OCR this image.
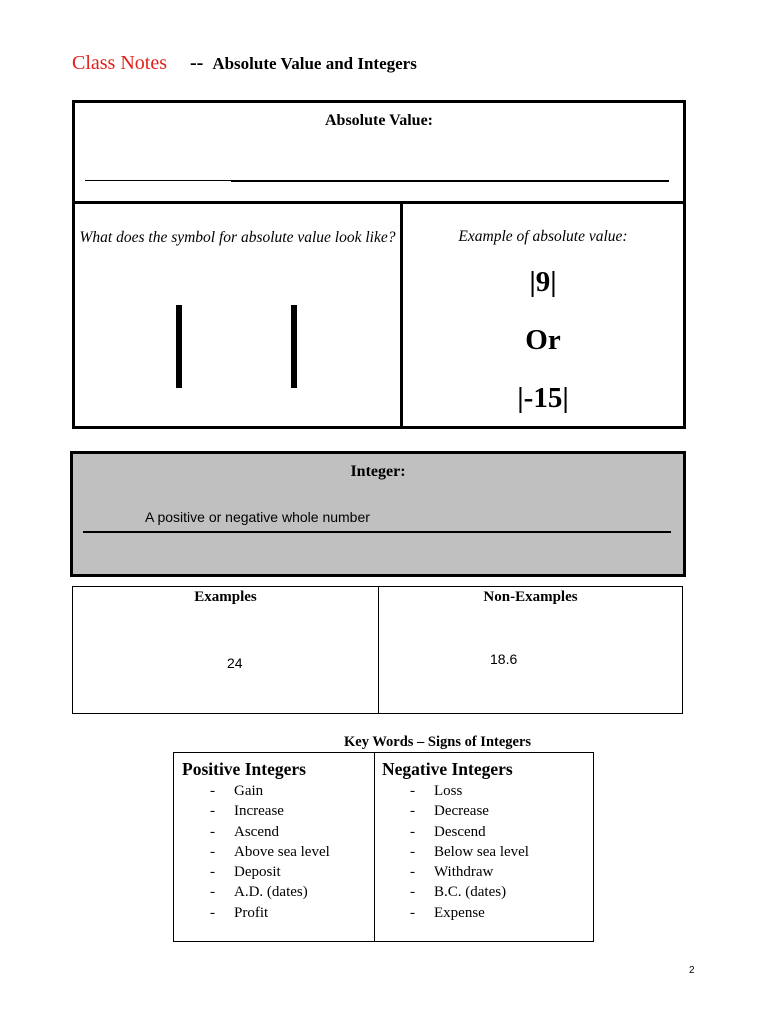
Class Notes -- Absolute Value and Integers
Absolute Value:
What does the symbol for absolute value look like?	Example of absolute value:
|9|
Or
|-15|
Integer:
A positive or negative whole number
Examples	Non-Examples
24	18.6
Key Words – Signs of Integers
Positive Integers
- Gain
- Increase
- Ascend
- Above sea level
- Deposit
- A.D. (dates)
- Profit
Negative Integers
- Loss
- Decrease
- Descend
- Below sea level
- Withdraw
- B.C. (dates)
- Expense
2
